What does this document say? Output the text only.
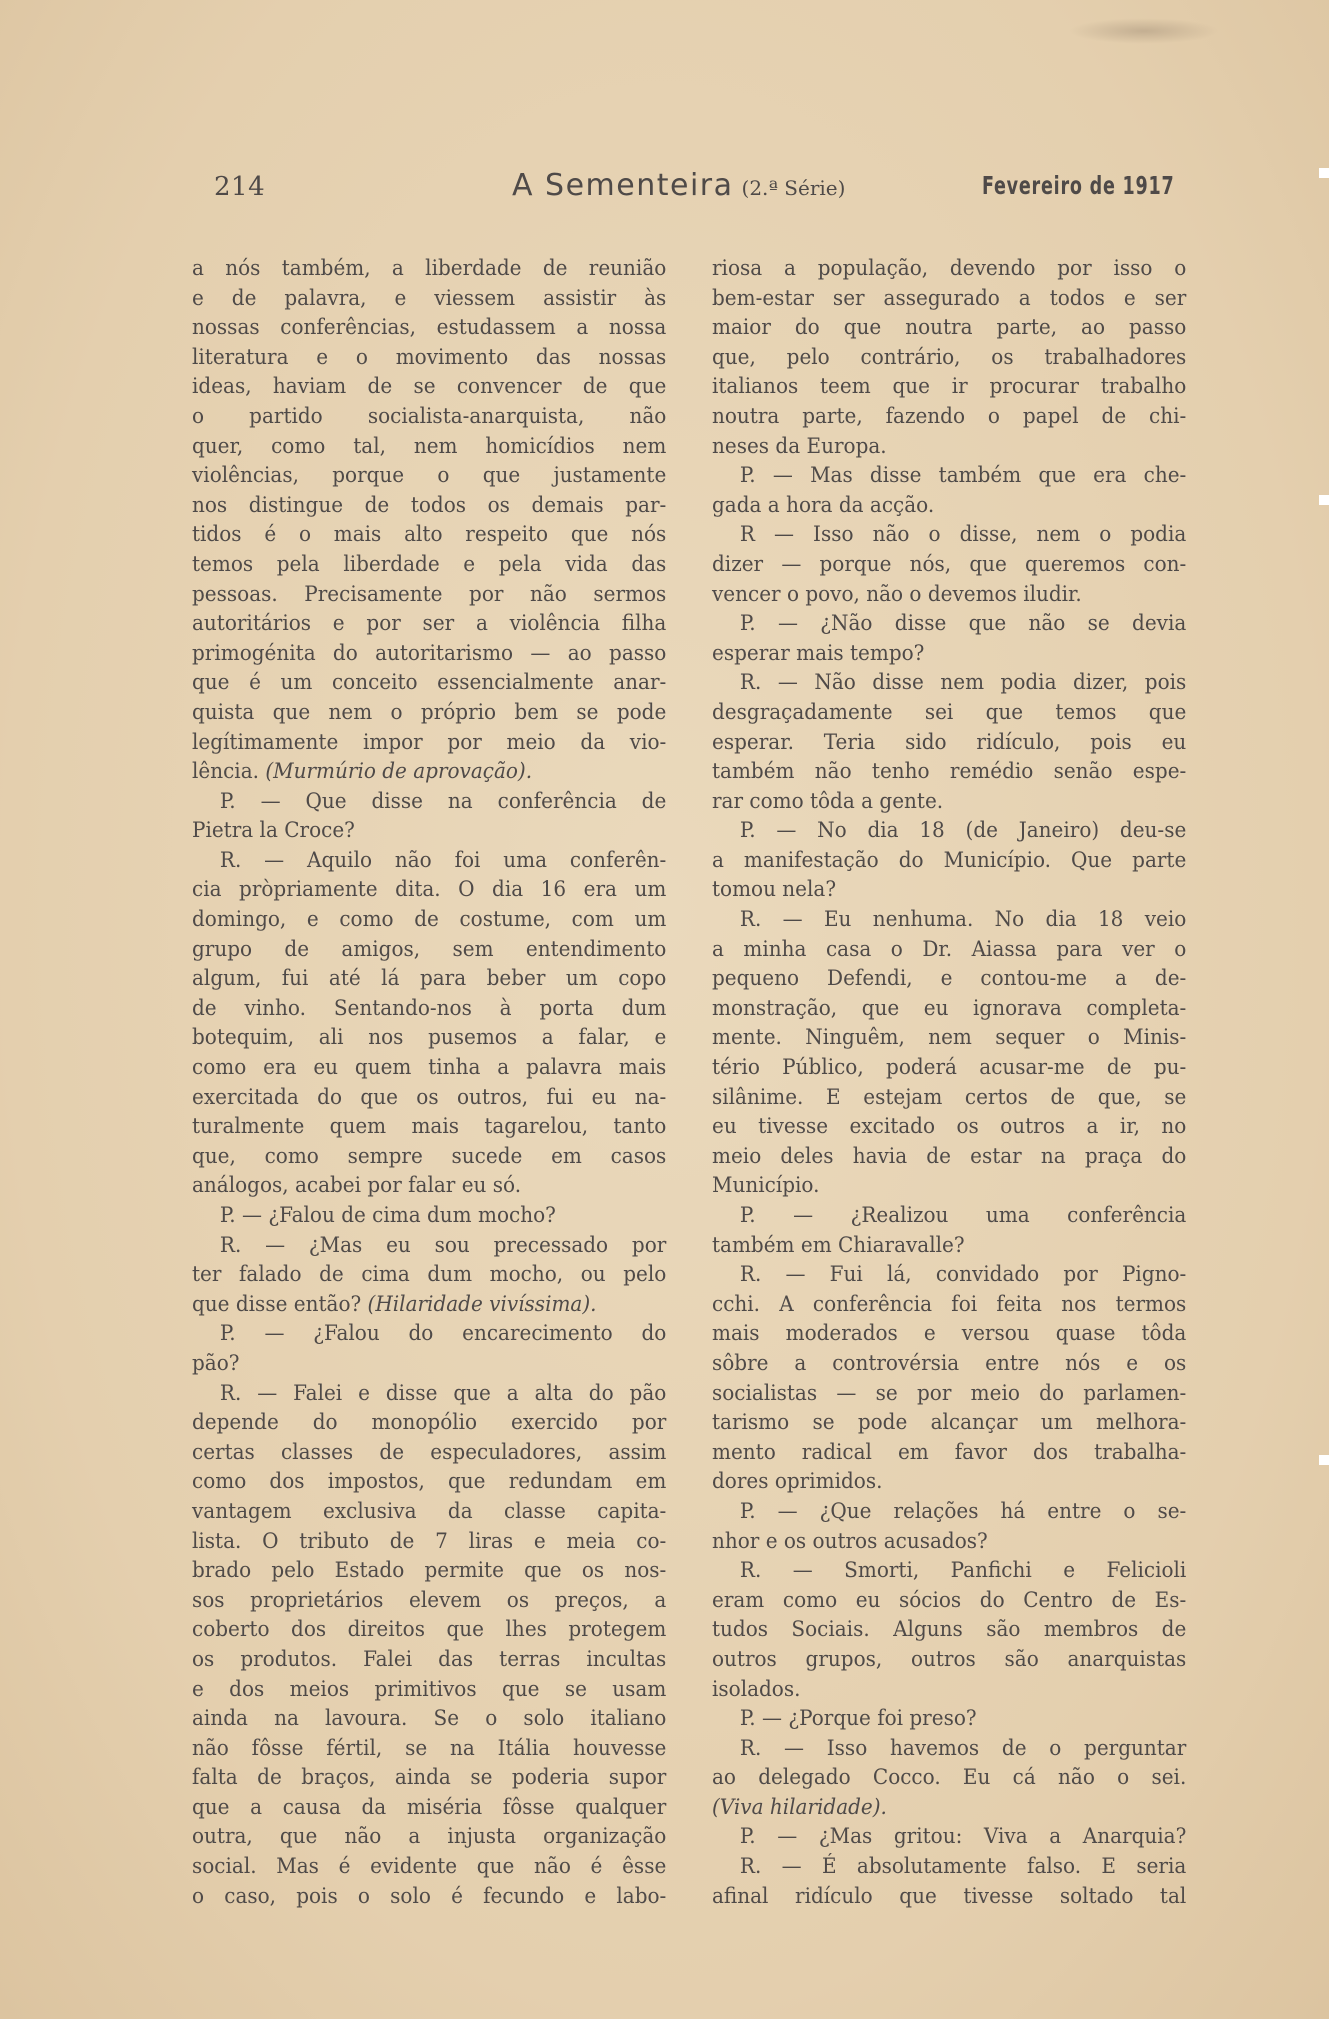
214	A Sementeira (2.ª Série)	Fevereiro de 1917

a nós também, a liberdade de reunião

e de palavra, e viessem assistir às

nossas conferências, estudassem a nossa

literatura e o movimento das nossas

ideas, haviam de se convencer de que

o partido socialista-anarquista, não

quer, como tal, nem homicídios nem

violências, porque o que justamente

nos distingue de todos os demais par-

tidos é o mais alto respeito que nós

temos pela liberdade e pela vida das

pessoas. Precisamente por não sermos

autoritários e por ser a violência filha

primogénita do autoritarismo — ao passo

que é um conceito essencialmente anar-

quista que nem o próprio bem se pode

legítimamente impor por meio da vio-

lência. (Murmúrio de aprovação).

P. — Que disse na conferência de

Pietra la Croce?

R. — Aquilo não foi uma conferên-

cia pròpriamente dita. O dia 16 era um

domingo, e como de costume, com um

grupo de amigos, sem entendimento

algum, fui até lá para beber um copo

de vinho. Sentando-nos à porta dum

botequim, ali nos pusemos a falar, e

como era eu quem tinha a palavra mais

exercitada do que os outros, fui eu na-

turalmente quem mais tagarelou, tanto

que, como sempre sucede em casos

análogos, acabei por falar eu só.

P. — ¿Falou de cima dum mocho?

R. — ¿Mas eu sou precessado por

ter falado de cima dum mocho, ou pelo

que disse então? (Hilaridade vivíssima).

P. — ¿Falou do encarecimento do

pão?

R. — Falei e disse que a alta do pão

depende do monopólio exercido por

certas classes de especuladores, assim

como dos impostos, que redundam em

vantagem exclusiva da classe capita-

lista. O tributo de 7 liras e meia co-

brado pelo Estado permite que os nos-

sos proprietários elevem os preços, a

coberto dos direitos que lhes protegem

os produtos. Falei das terras incultas

e dos meios primitivos que se usam

ainda na lavoura. Se o solo italiano

não fôsse fértil, se na Itália houvesse

falta de braços, ainda se poderia supor

que a causa da miséria fôsse qualquer

outra, que não a injusta organização

social. Mas é evidente que não é êsse

o caso, pois o solo é fecundo e labo-

riosa a população, devendo por isso o

bem-estar ser assegurado a todos e ser

maior do que noutra parte, ao passo

que, pelo contrário, os trabalhadores

italianos teem que ir procurar trabalho

noutra parte, fazendo o papel de chi-

neses da Europa.

P. — Mas disse também que era che-

gada a hora da acção.

R — Isso não o disse, nem o podia

dizer — porque nós, que queremos con-

vencer o povo, não o devemos iludir.

P. — ¿Não disse que não se devia

esperar mais tempo?

R. — Não disse nem podia dizer, pois

desgraçadamente sei que temos que

esperar. Teria sido ridículo, pois eu

também não tenho remédio senão espe-

rar como tôda a gente.

P. — No dia 18 (de Janeiro) deu-se

a manifestação do Município. Que parte

tomou nela?

R. — Eu nenhuma. No dia 18 veio

a minha casa o Dr. Aiassa para ver o

pequeno Defendi, e contou-me a de-

monstração, que eu ignorava completa-

mente. Ninguêm, nem sequer o Minis-

tério Público, poderá acusar-me de pu-

silânime. E estejam certos de que, se

eu tivesse excitado os outros a ir, no

meio deles havia de estar na praça do

Município.

P. — ¿Realizou uma conferência

também em Chiaravalle?

R. — Fui lá, convidado por Pigno-

cchi. A conferência foi feita nos termos

mais moderados e versou quase tôda

sôbre a controvérsia entre nós e os

socialistas — se por meio do parlamen-

tarismo se pode alcançar um melhora-

mento radical em favor dos trabalha-

dores oprimidos.

P. — ¿Que relações há entre o se-

nhor e os outros acusados?

R. — Smorti, Panfichi e Felicioli

eram como eu sócios do Centro de Es-

tudos Sociais. Alguns são membros de

outros grupos, outros são anarquistas

isolados.

P. — ¿Porque foi preso?

R. — Isso havemos de o perguntar

ao delegado Cocco. Eu cá não o sei.

(Viva hilaridade).

P. — ¿Mas gritou: Viva a Anarquia?

R. — É absolutamente falso. E seria

afinal ridículo que tivesse soltado tal
